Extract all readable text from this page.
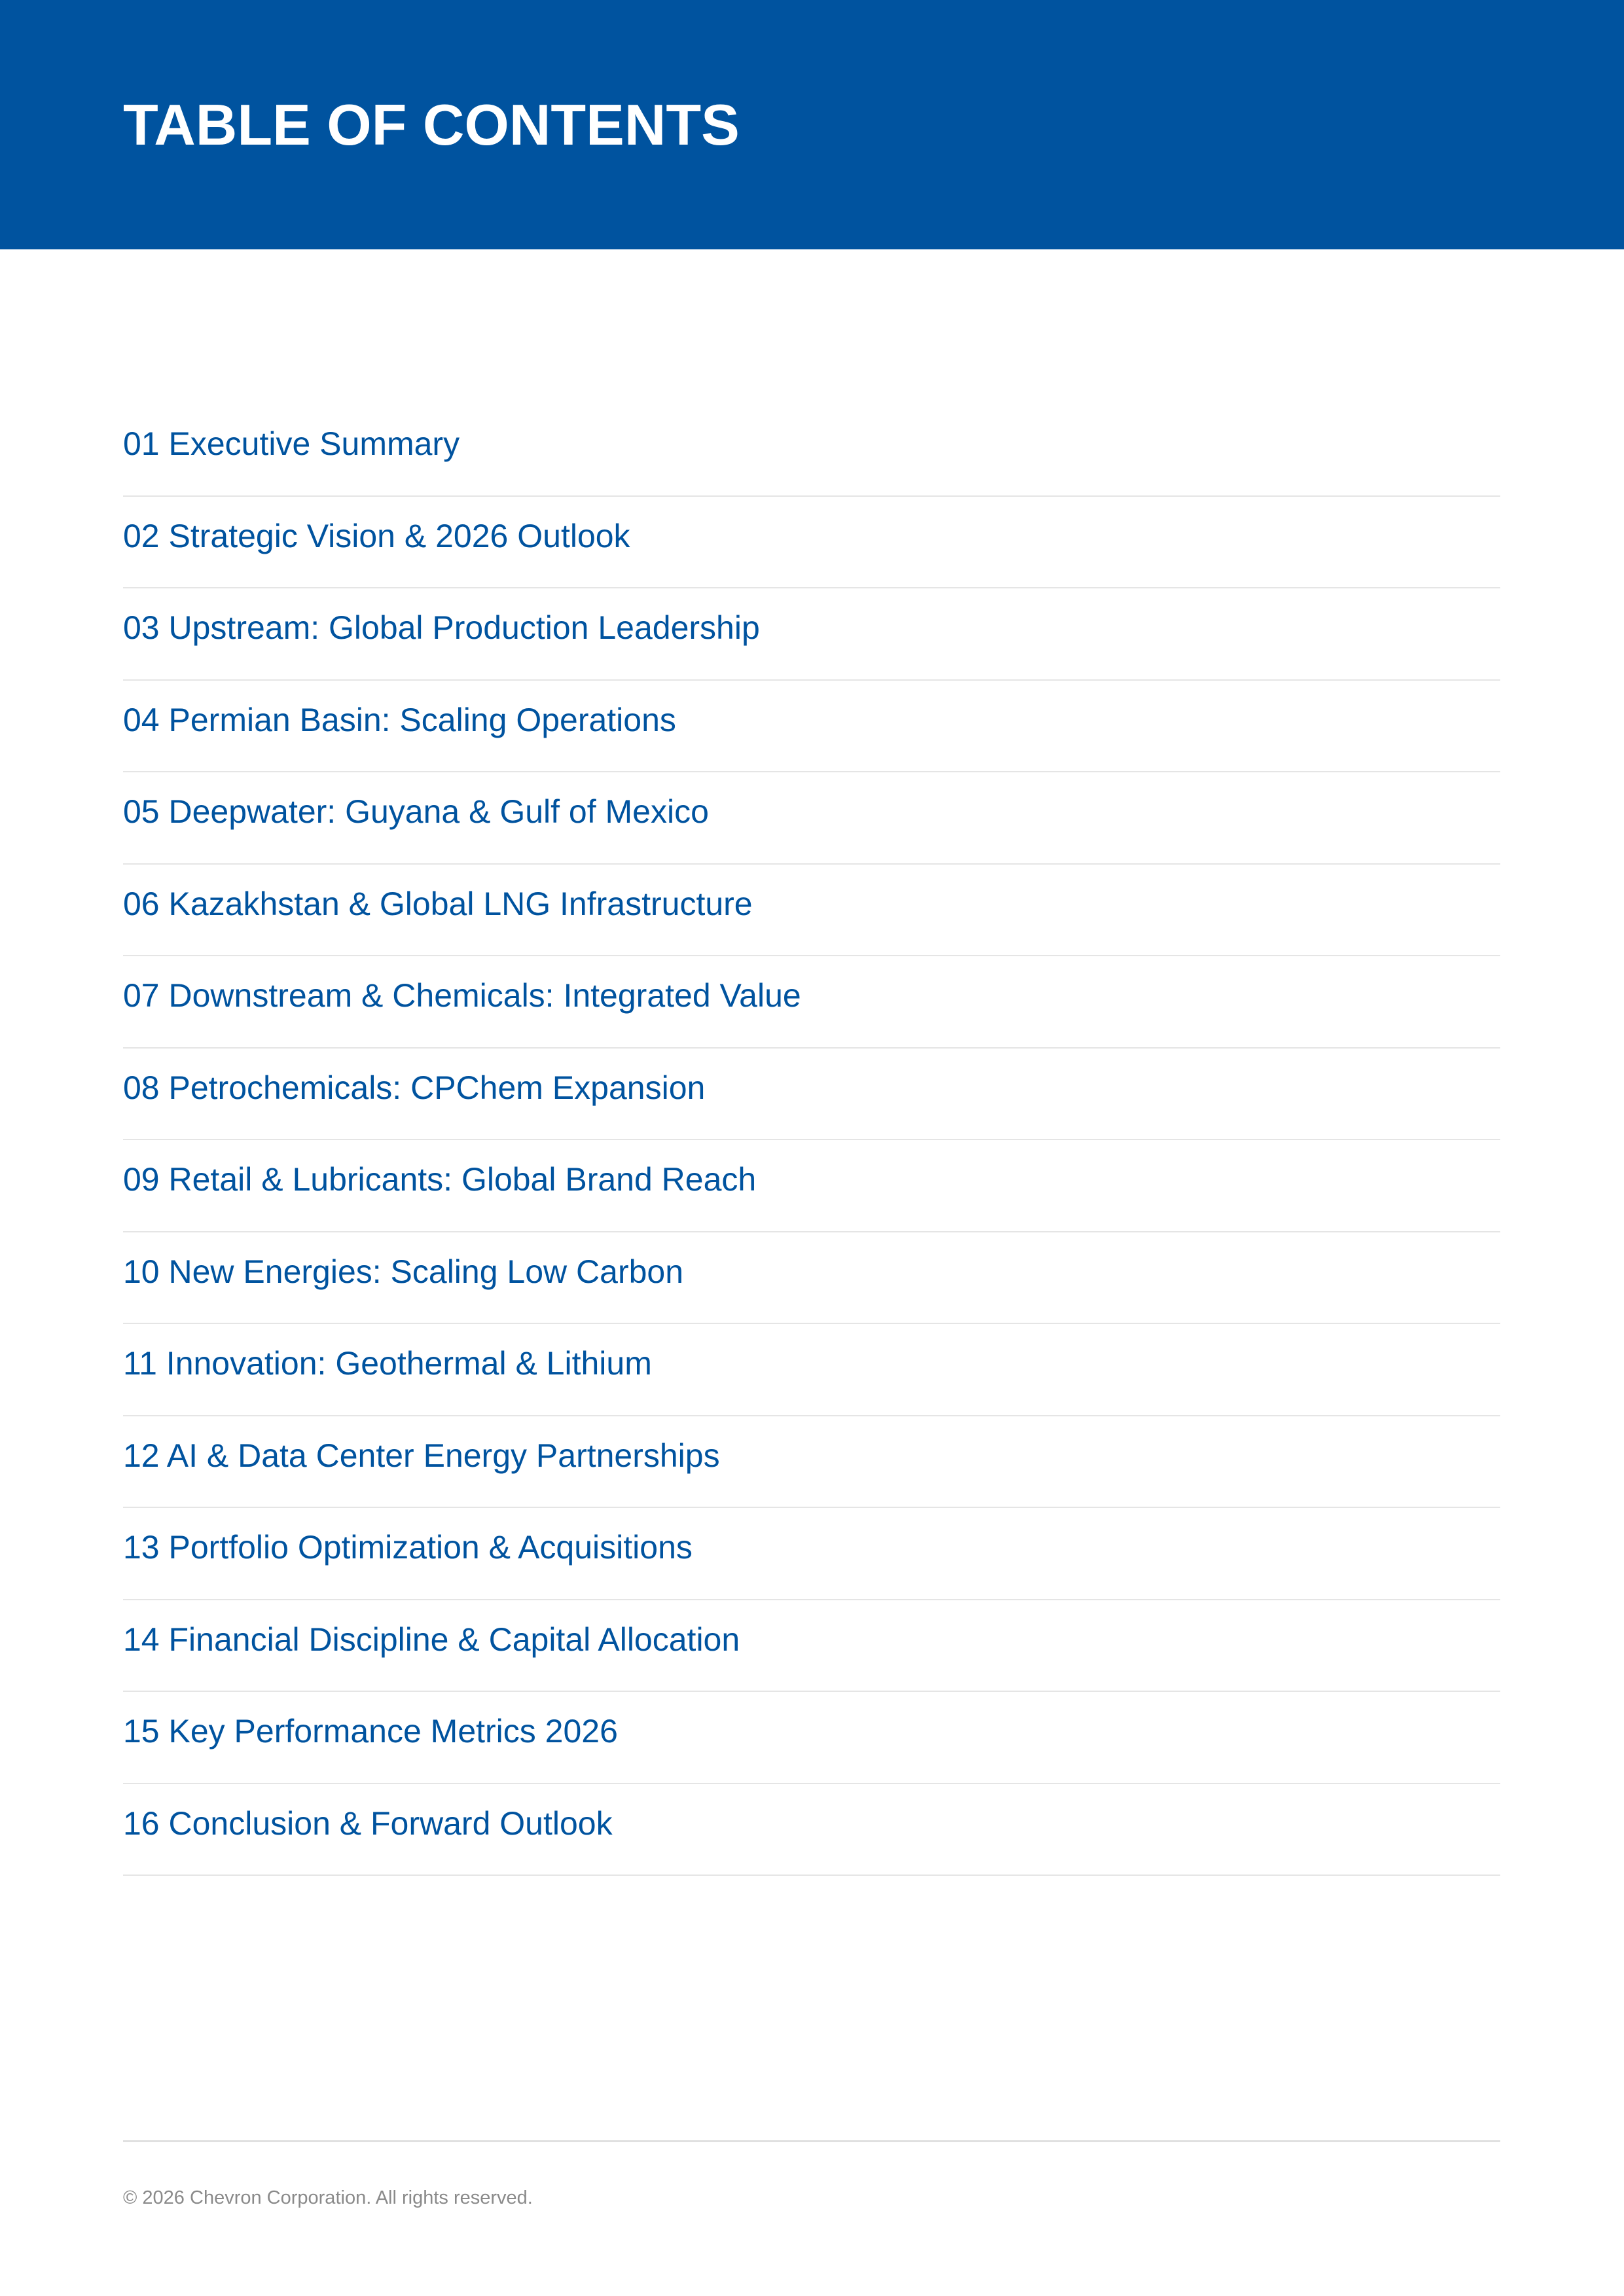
TABLE OF CONTENTS
01 Executive Summary
02 Strategic Vision & 2026 Outlook
03 Upstream: Global Production Leadership
04 Permian Basin: Scaling Operations
05 Deepwater: Guyana & Gulf of Mexico
06 Kazakhstan & Global LNG Infrastructure
07 Downstream & Chemicals: Integrated Value
08 Petrochemicals: CPChem Expansion
09 Retail & Lubricants: Global Brand Reach
10 New Energies: Scaling Low Carbon
11 Innovation: Geothermal & Lithium
12 AI & Data Center Energy Partnerships
13 Portfolio Optimization & Acquisitions
14 Financial Discipline & Capital Allocation
15 Key Performance Metrics 2026
16 Conclusion & Forward Outlook
© 2026 Chevron Corporation. All rights reserved.
